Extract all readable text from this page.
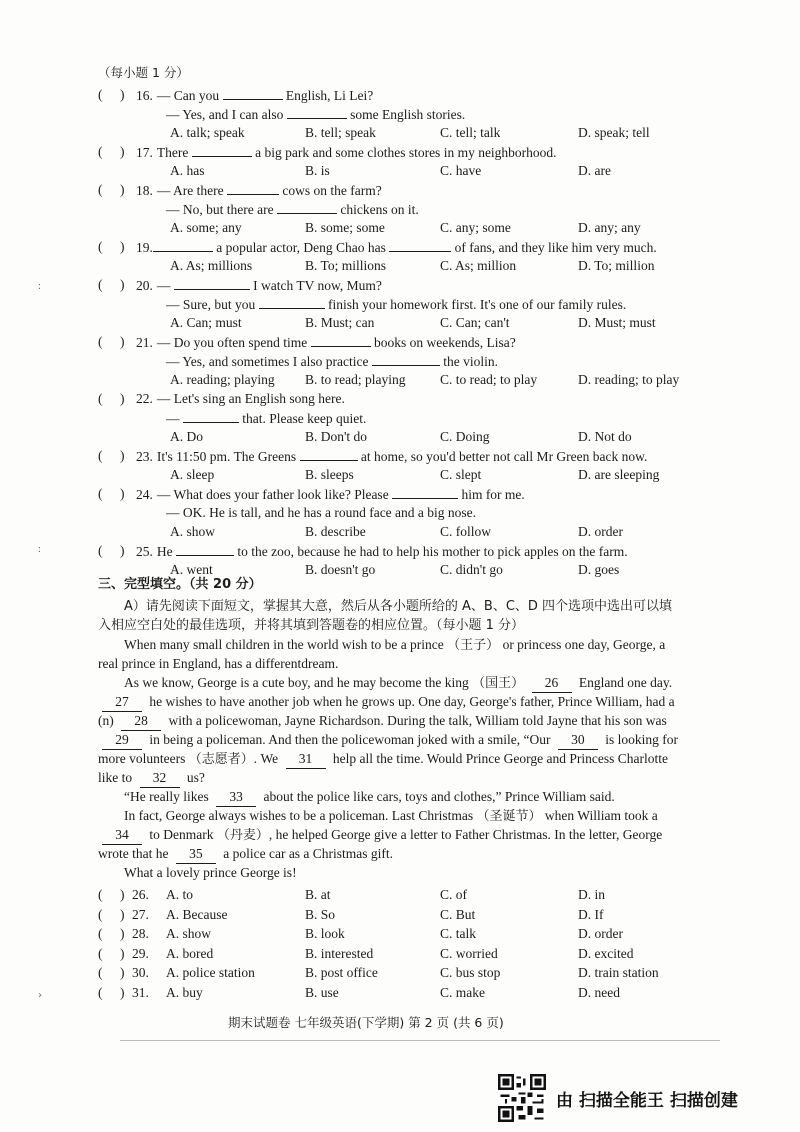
（每小题 1 分）
16. — Can you	English, Li Lei?
— Yes, and I can also	some English stories.
A. talk; speak	B. tell; speak	C. tell; talk	D. speak; tell
17. There	a big park and some clothes stores in my neighborhood.
A. has	B. is	C. have	D. are
18. — Are there	cows on the farm?
— No, but there are	chickens on it.
A. some; any	B. some; some	C. any; some	D. any; any
19.	a popular actor, Deng Chao has	of fans, and they like him very much.
A. As; millions	B. To; millions	C. As; million	D. To; million
20. —	I watch TV now, Mum?
— Sure, but you	finish your homework first. It's one of our family rules.
A. Can; must	B. Must; can	C. Can; can't	D. Must; must
21. — Do you often spend time	books on weekends, Lisa?
— Yes, and sometimes I also practice	the violin.
A. reading; playing B. to read; playing	C. to read; to play	D. reading; to play
22. — Let's sing an English song here.
—	that. Please keep quiet.
A. Do	B. Don't do	C. Doing	D. Not do
23. It's 11:50 pm. The Greens	at home, so you'd better not call Mr Green back now.
A. sleep	B. sleeps	C. slept	D. are sleeping
24. — What does your father look like? Please	him for me.
— OK. He is tall, and he has a round face and a big nose.
A. show	B. describe	C. follow	D. order
25. He	to the zoo, because he had to help his mother to pick apples on the farm.
A. went	B. doesn't go	C. didn't go	D. goes
三、完型填空。（共 20 分）
A）请先阅读下面短文，掌握其大意，然后从各小题所给的 A、B、C、D 四个选项中选出可以填
入相应空白处的最佳选项，并将其填到答题卷的相应位置。（每小题 1 分）
When many small children in the world wish to be a prince （王子） or princess one day, George, a
real prince in England, has a differentdream.
As we know, George is a cute boy, and he may become the king （国王） 26 England one day.
27 he wishes to have another job when he grows up. One day, George's father, Prince William, had a
(n) 28 with a policewoman, Jayne Richardson. During the talk, William told Jayne that his son was
29 in being a policeman. And then the policewoman joked with a smile, “Our 30 is looking for
more volunteers （志愿者）. We 31 help all the time. Would Prince George and Princess Charlotte
like to 32 us?
“He really likes 33 about the police like cars, toys and clothes,” Prince William said.
In fact, George always wishes to be a policeman. Last Christmas （圣诞节） when William took a
34 to Denmark （丹麦）, he helped George give a letter to Father Christmas. In the letter, George
wrote that he 35 a police car as a Christmas gift.
What a lovely prince George is!
26. A. to	B. at	C. of	D. in
27. A. Because	B. So	C. But	D. If
28. A. show	B. look	C. talk	D. order
29. A. bored	B. interested	C. worried	D. excited
30. A. police station	B. post office	C. bus stop	D. train station
31. A. buy	B. use	C. make	D. need
期末试题卷 七年级英语(下学期) 第 2 页 (共 6 页)
∶
∶
›
由 扫描全能王 扫描创建
